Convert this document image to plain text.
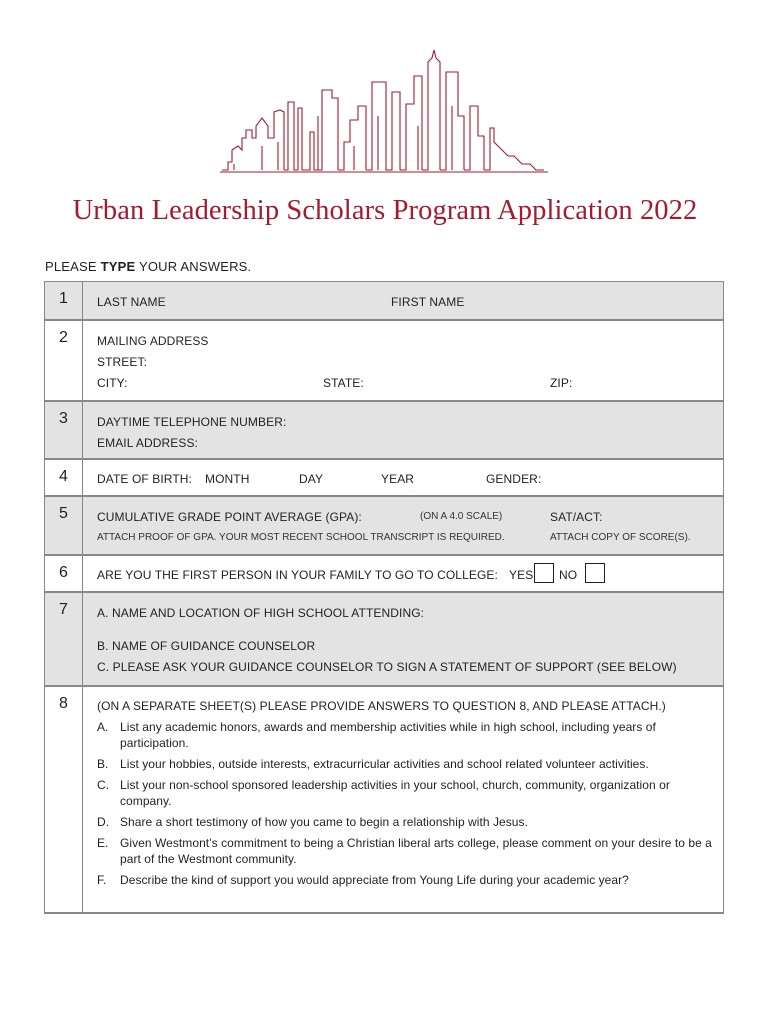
Urban Leadership Scholars Program Application 2022
PLEASE TYPE YOUR ANSWERS.
1	LAST NAME	FIRST NAME
2	MAILING ADDRESS
STREET:
CITY:	STATE:	ZIP:
3	DAYTIME TELEPHONE NUMBER:
EMAIL ADDRESS:
4	DATE OF BIRTH: MONTH	DAY	YEAR	GENDER:
5	CUMULATIVE GRADE POINT AVERAGE (GPA):	(ON A 4.0 SCALE)	SAT/ACT:
ATTACH PROOF OF GPA. YOUR MOST RECENT SCHOOL TRANSCRIPT IS REQUIRED.	ATTACH COPY OF SCORE(S).
6	ARE YOU THE FIRST PERSON IN YOUR FAMILY TO GO TO COLLEGE: YES NO
7	A. NAME AND LOCATION OF HIGH SCHOOL ATTENDING:
B. NAME OF GUIDANCE COUNSELOR
C. PLEASE ASK YOUR GUIDANCE COUNSELOR TO SIGN A STATEMENT OF SUPPORT (SEE BELOW)
8	(ON A SEPARATE SHEET(S) PLEASE PROVIDE ANSWERS TO QUESTION 8, AND PLEASE ATTACH.)
A. List any academic honors, awards and membership activities while in high school, including years of participation.
B. List your hobbies, outside interests, extracurricular activities and school related volunteer activities.
C. List your non-school sponsored leadership activities in your school, church, community, organization or company.
D. Share a short testimony of how you came to begin a relationship with Jesus.
E. Given Westmont’s commitment to being a Christian liberal arts college, please comment on your desire to be a part of the Westmont community.
F. Describe the kind of support you would appreciate from Young Life during your academic year?
